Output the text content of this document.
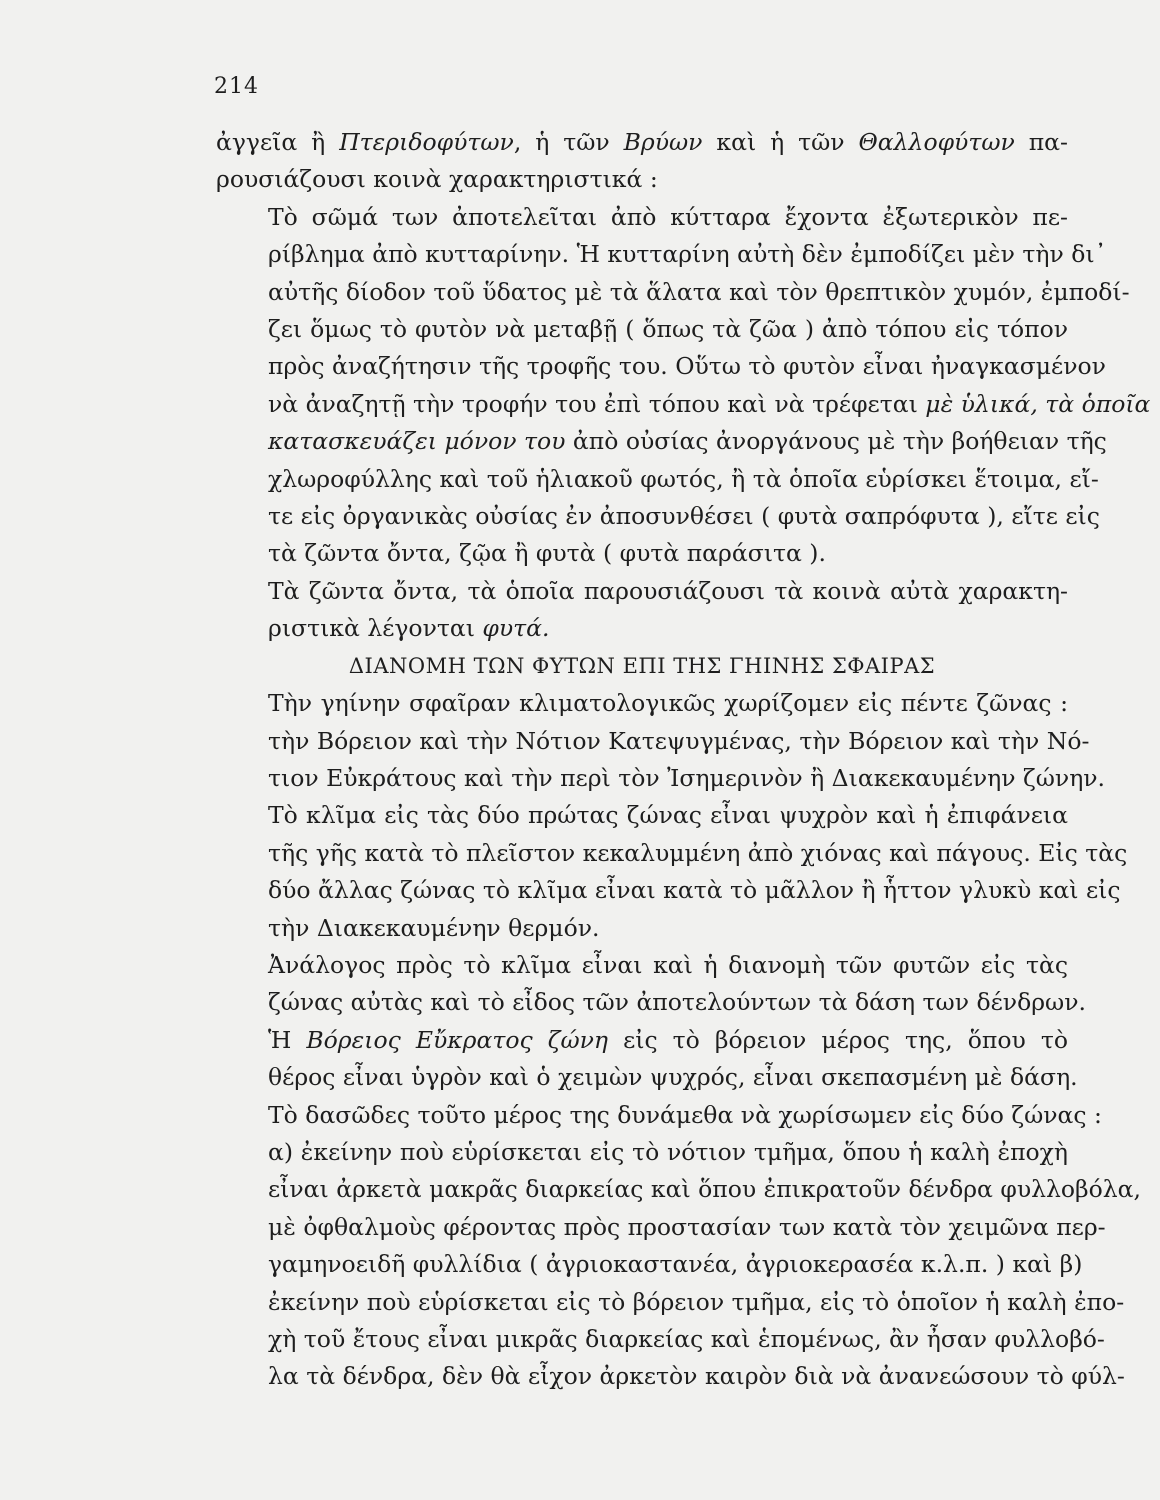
214

ἀγγεῖα ἢ Πτεριδοφύτων, ἡ τῶν Βρύων καὶ ἡ τῶν Θαλλοφύτων πα-
ρουσιάζουσι κοινὰ χαρακτηριστικά :

Τὸ σῶμά των ἀποτελεῖται ἀπὸ κύτταρα ἔχοντα ἐξωτερικὸν πε-
ρίβλημα ἀπὸ κυτταρίνην. Ἡ κυτταρίνη αὐτὴ δὲν ἐμποδίζει μὲν τὴν δι᾽
αὐτῆς δίοδον τοῦ ὕδατος μὲ τὰ ἅλατα καὶ τὸν θρεπτικὸν χυμόν, ἐμποδί-
ζει ὅμως τὸ φυτὸν νὰ μεταβῇ ( ὅπως τὰ ζῶα ) ἀπὸ τόπου εἰς τόπον
πρὸς ἀναζήτησιν τῆς τροφῆς του. Οὕτω τὸ φυτὸν εἶναι ἠναγκασμένον
νὰ ἀναζητῇ τὴν τροφήν του ἐπὶ τόπου καὶ νὰ τρέφεται μὲ ὑλικά, τὰ ὁποῖα
κατασκευάζει μόνον του ἀπὸ οὐσίας ἀνοργάνους μὲ τὴν βοήθειαν τῆς
χλωροφύλλης καὶ τοῦ ἡλιακοῦ φωτός, ἢ τὰ ὁποῖα εὑρίσκει ἕτοιμα, εἴ-
τε εἰς ὀργανικὰς οὐσίας ἐν ἀποσυνθέσει ( φυτὰ σαπρόφυτα ), εἴτε εἰς
τὰ ζῶντα ὄντα, ζῷα ἢ φυτὰ ( φυτὰ παράσιτα ).

Τὰ ζῶντα ὄντα, τὰ ὁποῖα παρουσιάζουσι τὰ κοινὰ αὐτὰ χαρακτη-
ριστικὰ λέγονται φυτά.

ΔΙΑΝΟΜΗ ΤΩΝ ΦΥΤΩΝ ΕΠΙ ΤΗΣ ΓΗΙΝΗΣ ΣΦΑΙΡΑΣ

Τὴν γηίνην σφαῖραν κλιματολογικῶς χωρίζομεν εἰς πέντε ζῶνας :
τὴν Βόρειον καὶ τὴν Νότιον Κατεψυγμένας, τὴν Βόρειον καὶ τὴν Νό-
τιον Εὐκράτους καὶ τὴν περὶ τὸν Ἰσημερινὸν ἢ Διακεκαυμένην ζώνην.

Τὸ κλῖμα εἰς τὰς δύο πρώτας ζώνας εἶναι ψυχρὸν καὶ ἡ ἐπιφάνεια
τῆς γῆς κατὰ τὸ πλεῖστον κεκαλυμμένη ἀπὸ χιόνας καὶ πάγους. Εἰς τὰς
δύο ἄλλας ζώνας τὸ κλῖμα εἶναι κατὰ τὸ μᾶλλον ἢ ἧττον γλυκὺ καὶ εἰς
τὴν Διακεκαυμένην θερμόν.

Ἀνάλογος πρὸς τὸ κλῖμα εἶναι καὶ ἡ διανομὴ τῶν φυτῶν εἰς τὰς
ζώνας αὐτὰς καὶ τὸ εἶδος τῶν ἀποτελούντων τὰ δάση των δένδρων.

Ἡ Βόρειος Εὔκρατος ζώνη εἰς τὸ βόρειον μέρος της, ὅπου τὸ
θέρος εἶναι ὑγρὸν καὶ ὁ χειμὼν ψυχρός, εἶναι σκεπασμένη μὲ δάση.
Τὸ δασῶδες τοῦτο μέρος της δυνάμεθα νὰ χωρίσωμεν εἰς δύο ζώνας :
α) ἐκείνην ποὺ εὑρίσκεται εἰς τὸ νότιον τμῆμα, ὅπου ἡ καλὴ ἐποχὴ
εἶναι ἀρκετὰ μακρᾶς διαρκείας καὶ ὅπου ἐπικρατοῦν δένδρα φυλλοβόλα,
μὲ ὀφθαλμοὺς φέροντας πρὸς προστασίαν των κατὰ τὸν χειμῶνα περ-
γαμηνοειδῆ φυλλίδια ( ἀγριοκαστανέα, ἀγριοκερασέα κ.λ.π. ) καὶ β)
ἐκείνην ποὺ εὑρίσκεται εἰς τὸ βόρειον τμῆμα, εἰς τὸ ὁποῖον ἡ καλὴ ἐπο-
χὴ τοῦ ἔτους εἶναι μικρᾶς διαρκείας καὶ ἑπομένως, ἂν ἦσαν φυλλοβό-
λα τὰ δένδρα, δὲν θὰ εἶχον ἀρκετὸν καιρὸν διὰ νὰ ἀνανεώσουν τὸ φύλ-
